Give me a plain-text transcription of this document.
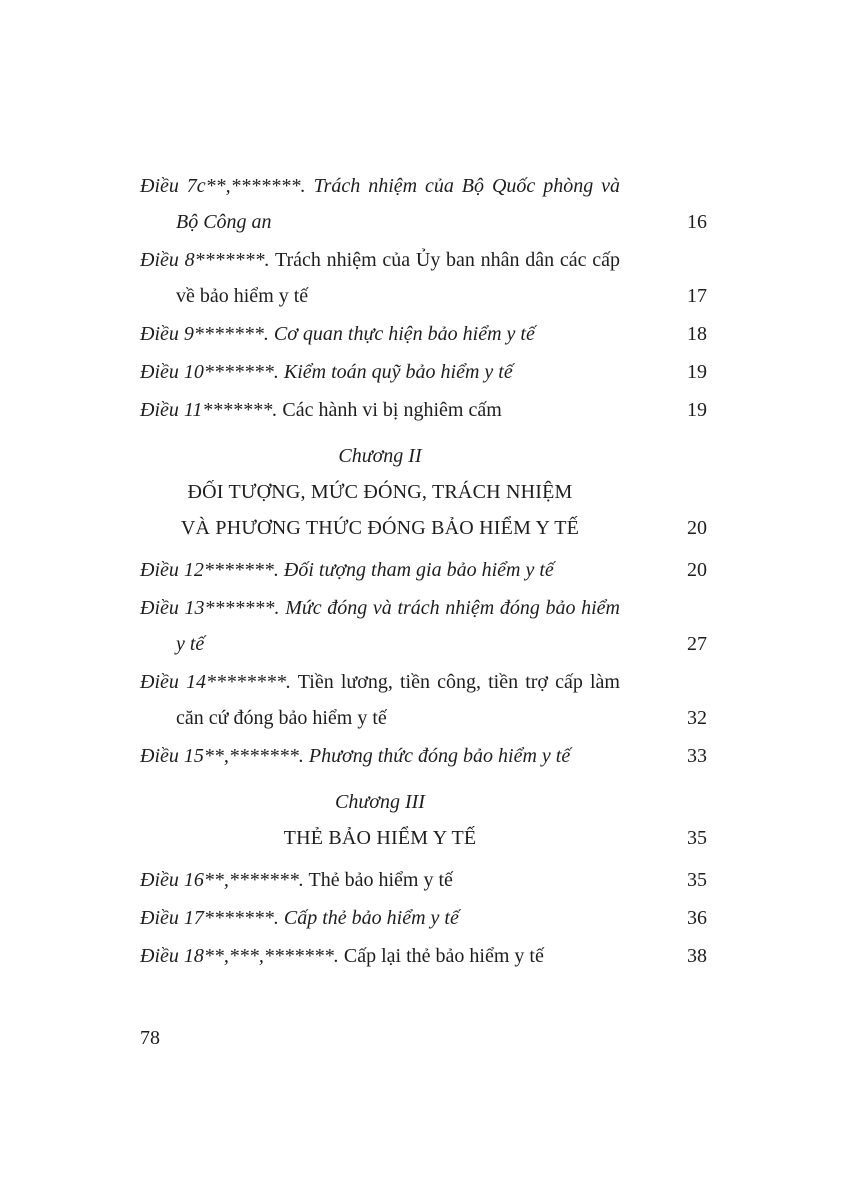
Điều 7c**,*******. Trách nhiệm của Bộ Quốc phòng và Bộ Công an	16
Điều 8*******. Trách nhiệm của Ủy ban nhân dân các cấp về bảo hiểm y tế	17
Điều 9*******. Cơ quan thực hiện bảo hiểm y tế	18
Điều 10*******. Kiểm toán quỹ bảo hiểm y tế	19
Điều 11*******. Các hành vi bị nghiêm cấm	19
Chương II
ĐỐI TƯỢNG, MỨC ĐÓNG, TRÁCH NHIỆM
VÀ PHƯƠNG THỨC ĐÓNG BẢO HIỂM Y TẾ	20
Điều 12*******. Đối tượng tham gia bảo hiểm y tế	20
Điều 13*******. Mức đóng và trách nhiệm đóng bảo hiểm y tế	27
Điều 14********. Tiền lương, tiền công, tiền trợ cấp làm căn cứ đóng bảo hiểm y tế	32
Điều 15**,*******. Phương thức đóng bảo hiểm y tế	33
Chương III
THẺ BẢO HIỂM Y TẾ	35
Điều 16**,*******. Thẻ bảo hiểm y tế	35
Điều 17*******. Cấp thẻ bảo hiểm y tế	36
Điều 18**,***,*******. Cấp lại thẻ bảo hiểm y tế	38
78
